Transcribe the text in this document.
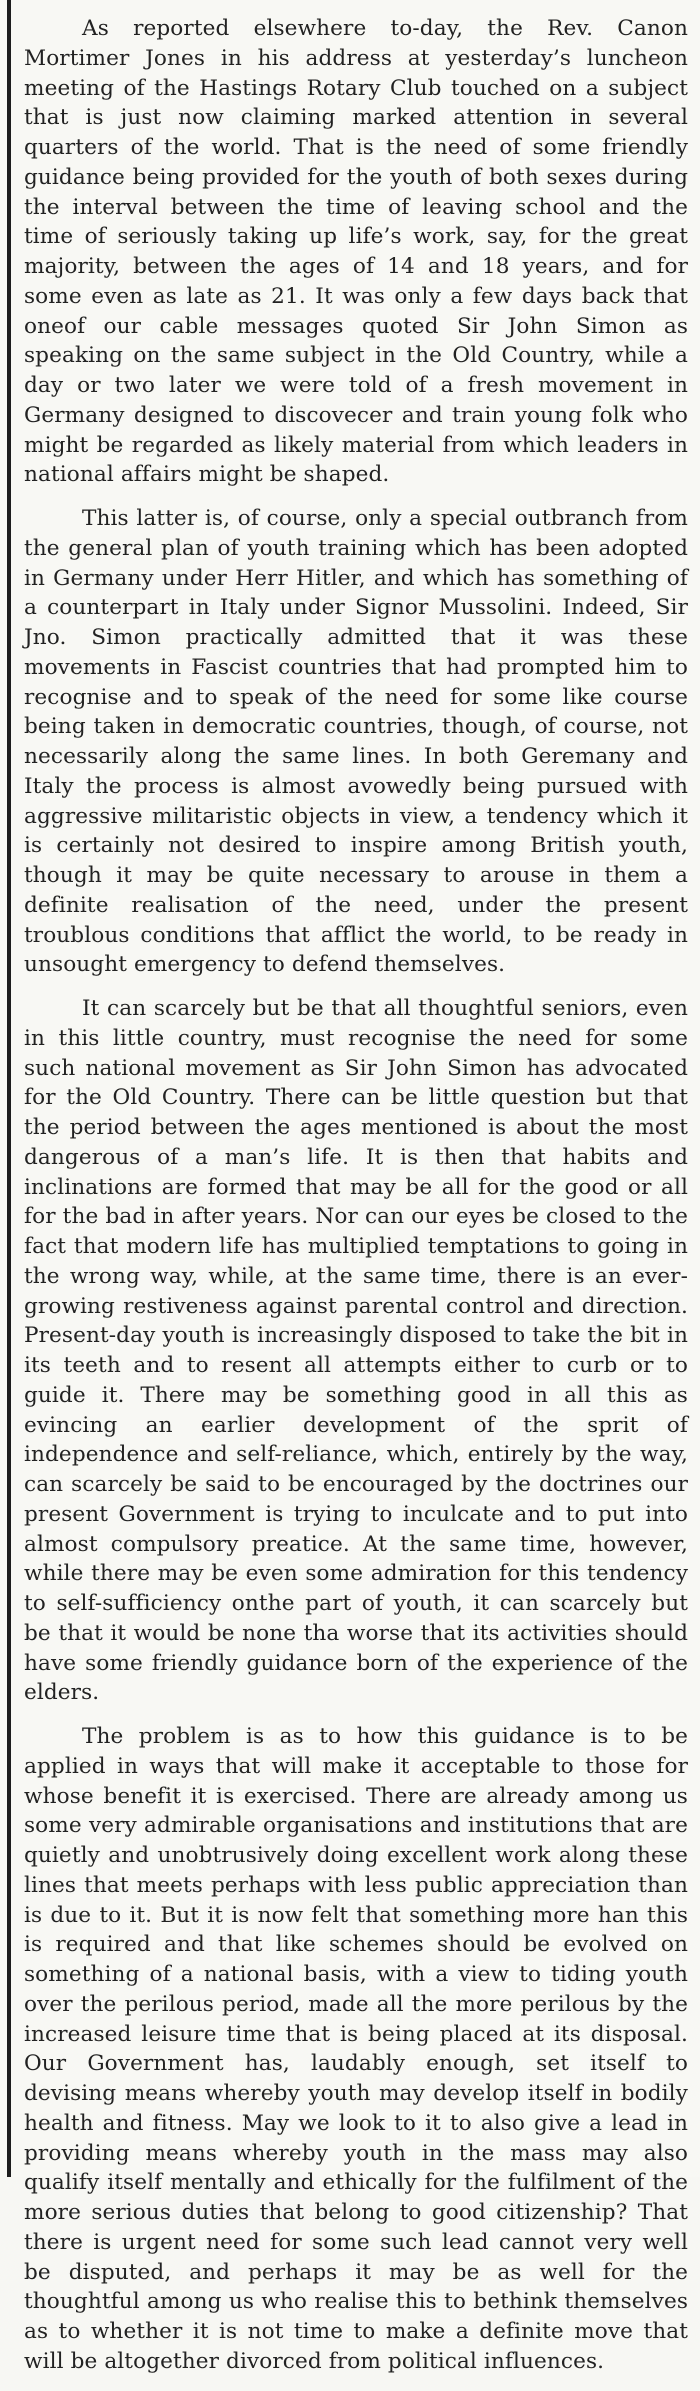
As reported elsewhere to-day, the Rev. Canon Mortimer Jones in his address at yesterday’s luncheon meeting of the Hastings Rotary Club touched on a subject that is just now claiming marked attention in several quarters of the world. That is the need of some friendly guidance being provided for the youth of both sexes during the interval between the time of leaving school and the time of seriously taking up life’s work, say, for the great majority, between the ages of 14 and 18 years, and for some even as late as 21. It was only a few days back that oneof our cable messages quoted Sir John Simon as speaking on the same subject in the Old Country, while a day or two later we were told of a fresh movement in Germany designed to discovecer and train young folk who might be regarded as likely material from which leaders in national affairs might be shaped.

This latter is, of course, only a special outbranch from the general plan of youth training which has been adopted in Germany under Herr Hitler, and which has something of a counterpart in Italy under Signor Mussolini. Indeed, Sir Jno. Simon practically admitted that it was these movements in Fascist countries that had prompted him to recognise and to speak of the need for some like course being taken in democratic countries, though, of course, not necessarily along the same lines. In both Geremany and Italy the process is almost avowedly being pursued with aggressive militaristic objects in view, a tendency which it is certainly not desired to inspire among British youth, though it may be quite necessary to arouse in them a definite realisation of the need, under the present troublous conditions that afflict the world, to be ready in unsought emergency to defend themselves.

It can scarcely but be that all thoughtful seniors, even in this little country, must recognise the need for some such national movement as Sir John Simon has advocated for the Old Country. There can be little question but that the period between the ages mentioned is about the most dangerous of a man’s life. It is then that habits and inclinations are formed that may be all for the good or all for the bad in after years. Nor can our eyes be closed to the fact that modern life has multiplied temptations to going in the wrong way, while, at the same time, there is an ever-growing restiveness against parental control and direction. Present-day youth is increasingly disposed to take the bit in its teeth and to resent all attempts either to curb or to guide it. There may be something good in all this as evincing an earlier development of the sprit of independence and self-reliance, which, entirely by the way, can scarcely be said to be encouraged by the doctrines our present Government is trying to inculcate and to put into almost compulsory preatice. At the same time, however, while there may be even some admiration for this tendency to self-sufficiency onthe part of youth, it can scarcely but be that it would be none tha worse that its activities should have some friendly guidance born of the experience of the elders.

The problem is as to how this guidance is to be applied in ways that will make it acceptable to those for whose benefit it is exercised. There are already among us some very admirable organisations and institutions that are quietly and unobtrusively doing excellent work along these lines that meets perhaps with less public appreciation than is due to it. But it is now felt that something more han this is required and that like schemes should be evolved on something of a national basis, with a view to tiding youth over the perilous period, made all the more perilous by the increased leisure time that is being placed at its disposal. Our Government has, laudably enough, set itself to devising means whereby youth may develop itself in bodily health and fitness. May we look to it to also give a lead in providing means whereby youth in the mass may also qualify itself mentally and ethically for the fulfilment of the more serious duties that belong to good citizenship? That there is urgent need for some such lead cannot very well be disputed, and perhaps it may be as well for the thoughtful among us who realise this to bethink themselves as to whether it is not time to make a definite move that will be altogether divorced from political influences.
